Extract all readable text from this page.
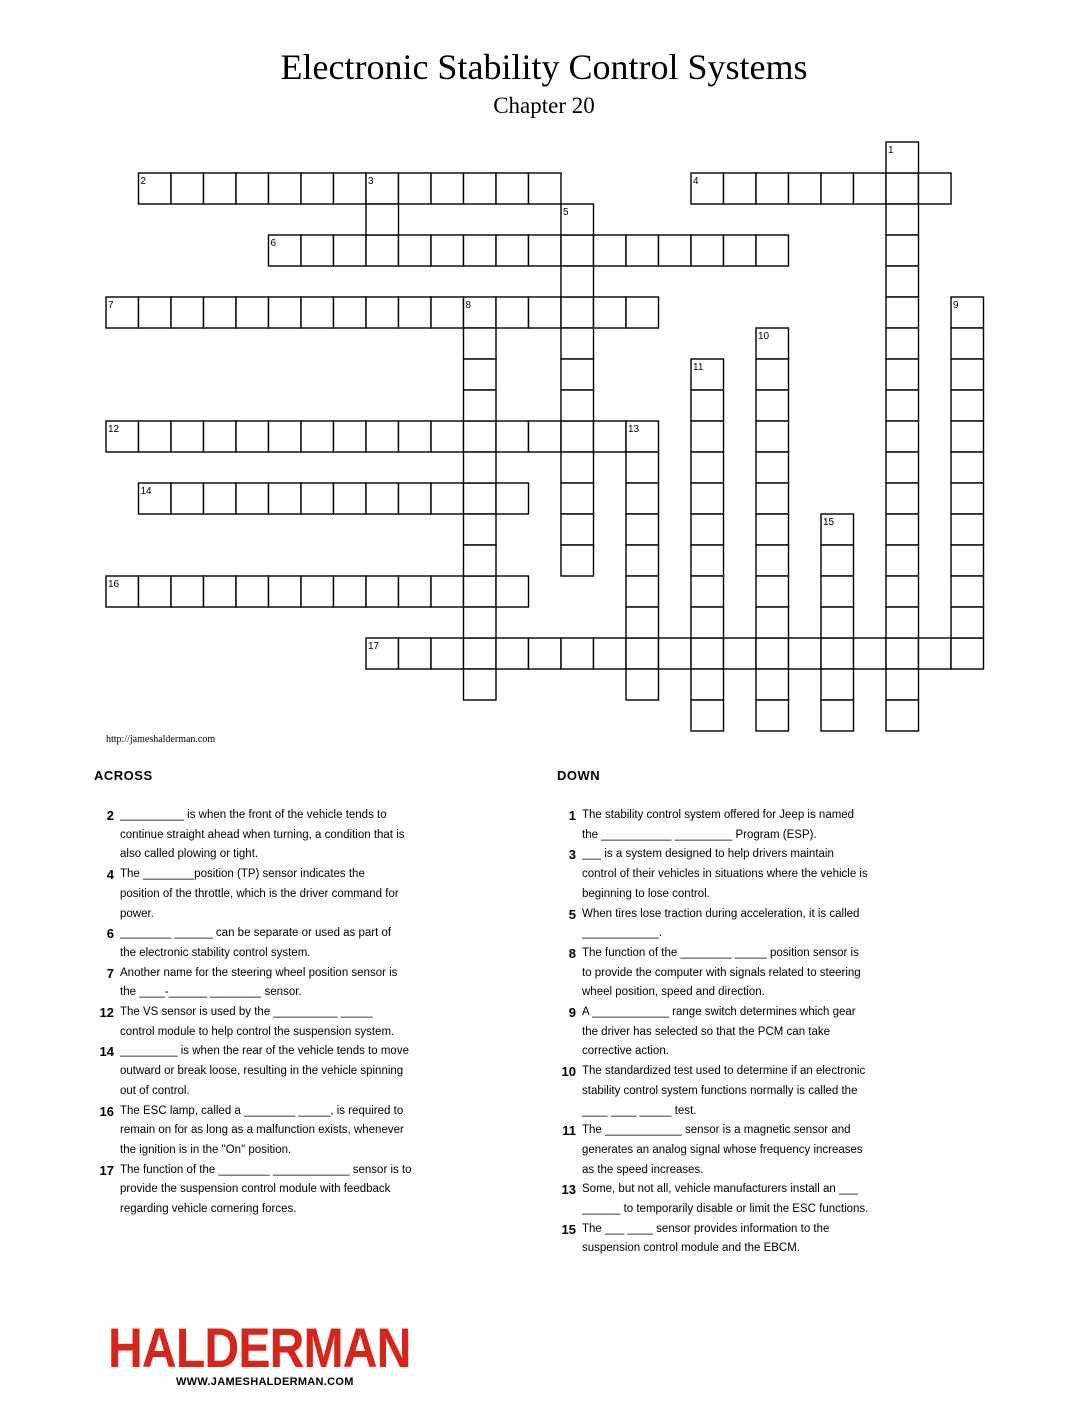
Electronic Stability Control Systems
Chapter 20
2	4
6
7
12
14
16
17
1
3
5
8	9
10
11
13
15
http://jameshalderman.com
ACROSS	DOWN
2 __________ is when the front of the vehicle tends to
continue straight ahead when turning, a condition that is
also called plowing or tight.
4 The ________position (TP) sensor indicates the
position of the throttle, which is the driver command for
power.
6 ________ ______ can be separate or used as part of
the electronic stability control system.
7 Another name for the steering wheel position sensor is
the ____-______ ________ sensor.
12 The VS sensor is used by the __________ _____
control module to help control the suspension system.
14 _________ is when the rear of the vehicle tends to move
outward or break loose, resulting in the vehicle spinning
out of control.
16 The ESC lamp, called a ________ _____, is required to
remain on for as long as a malfunction exists, whenever
the ignition is in the "On" position.
17 The function of the ________ ____________ sensor is to
provide the suspension control module with feedback
regarding vehicle cornering forces.
1 The stability control system offered for Jeep is named
the ___________ _________ Program (ESP).
3 ___ is a system designed to help drivers maintain
control of their vehicles in situations where the vehicle is
beginning to lose control.
5 When tires lose traction during acceleration, it is called
____________.
8 The function of the ________ _____ position sensor is
to provide the computer with signals related to steering
wheel position, speed and direction.
9 A ____________ range switch determines which gear
the driver has selected so that the PCM can take
corrective action.
10 The standardized test used to determine if an electronic
stability control system functions normally is called the
____ ____ _____ test.
11 The ____________ sensor is a magnetic sensor and
generates an analog signal whose frequency increases
as the speed increases.
13 Some, but not all, vehicle manufacturers install an ___
______ to temporarily disable or limit the ESC functions.
15 The ___ ____ sensor provides information to the
suspension control module and the EBCM.
HALDERMAN
WWW.JAMESHALDERMAN.COM
